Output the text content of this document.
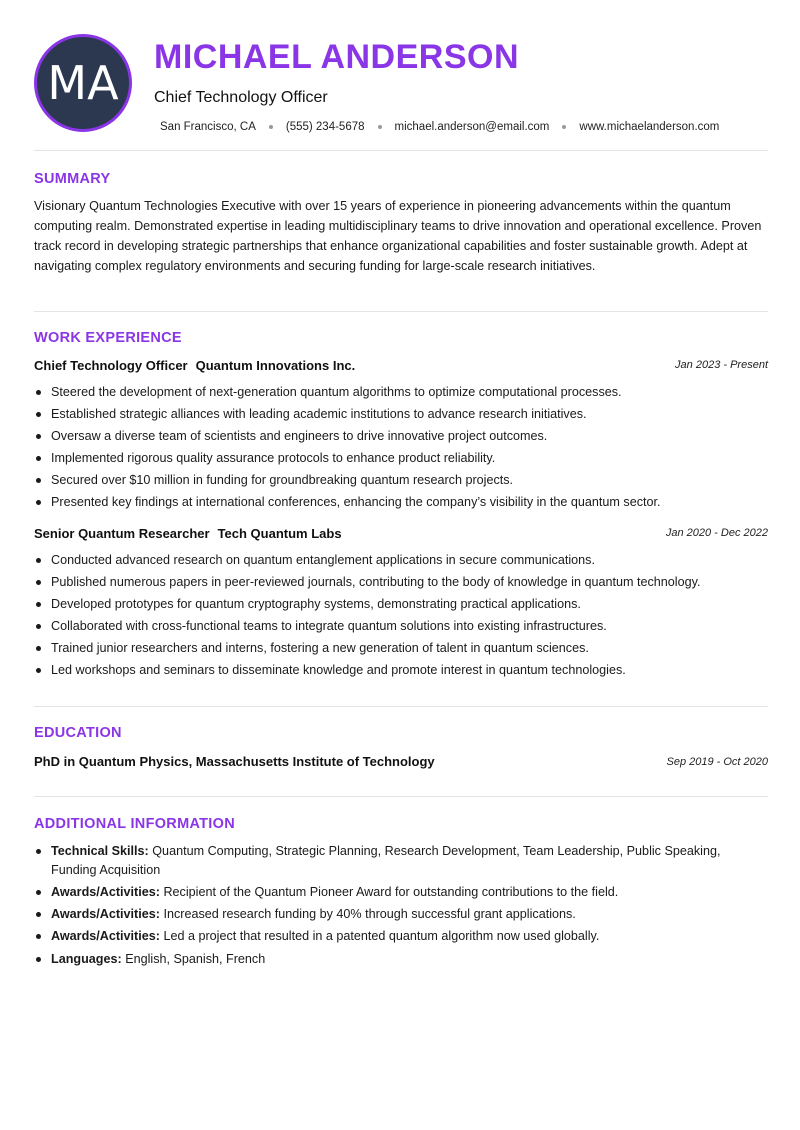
MA MICHAEL ANDERSON
Chief Technology Officer
San Francisco, CA	(555) 234-5678	michael.anderson@email.com	www.michaelanderson.com
SUMMARY

Visionary Quantum Technologies Executive with over 15 years of experience in pioneering advancements within the quantum computing realm. Demonstrated expertise in leading multidisciplinary teams to drive innovation and operational excellence. Proven track record in developing strategic partnerships that enhance organizational capabilities and foster sustainable growth. Adept at navigating complex regulatory environments and securing funding for large-scale research initiatives.

WORK EXPERIENCE
Chief Technology Officer Quantum Innovations Inc.	Jan 2023 - Present
Steered the development of next-generation quantum algorithms to optimize computational processes.
Established strategic alliances with leading academic institutions to advance research initiatives.
Oversaw a diverse team of scientists and engineers to drive innovative project outcomes.
Implemented rigorous quality assurance protocols to enhance product reliability.
Secured over $10 million in funding for groundbreaking quantum research projects.
Presented key findings at international conferences, enhancing the company’s visibility in the quantum sector.
Senior Quantum Researcher Tech Quantum Labs	Jan 2020 - Dec 2022
Conducted advanced research on quantum entanglement applications in secure communications.
Published numerous papers in peer-reviewed journals, contributing to the body of knowledge in quantum technology.
Developed prototypes for quantum cryptography systems, demonstrating practical applications.
Collaborated with cross-functional teams to integrate quantum solutions into existing infrastructures.
Trained junior researchers and interns, fostering a new generation of talent in quantum sciences.
Led workshops and seminars to disseminate knowledge and promote interest in quantum technologies.
EDUCATION
PhD in Quantum Physics, Massachusetts Institute of Technology	Sep 2019 - Oct 2020
ADDITIONAL INFORMATION
Technical Skills: Quantum Computing, Strategic Planning, Research Development, Team Leadership, Public Speaking, Funding Acquisition
Awards/Activities: Recipient of the Quantum Pioneer Award for outstanding contributions to the field.
Awards/Activities: Increased research funding by 40% through successful grant applications.
Awards/Activities: Led a project that resulted in a patented quantum algorithm now used globally.
Languages: English , Spanish , French
